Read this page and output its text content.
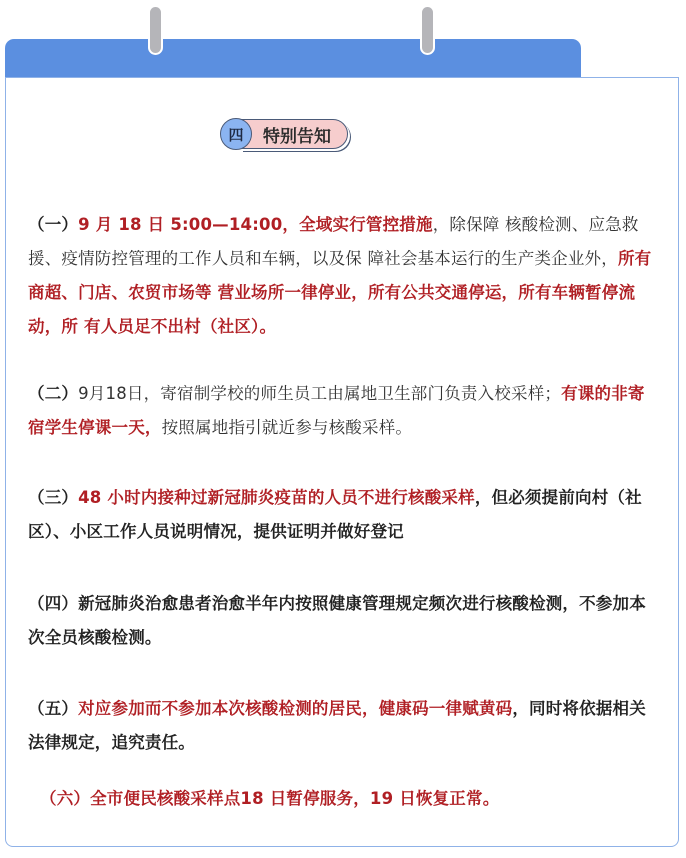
四	特别告知
（一）9 月 18 日 5:00—14:00，全域实行管控措施，除保障 核酸检测、应急救援、疫情防控管理的工作人员和车辆，以及保 障社会基本运行的生产类企业外，所有商超、门店、农贸市场等 营业场所一律停业，所有公共交通停运，所有车辆暂停流动，所 有人员足不出村（社区）。
（二）9月18日，寄宿制学校的师生员工由属地卫生部门负责入校采样；有课的非寄宿学生停课一天，按照属地指引就近参与核酸采样。
（三）48 小时内接种过新冠肺炎疫苗的人员不进行核酸采样，但必须提前向村（社区）、小区工作人员说明情况，提供证明并做好登记
（四）新冠肺炎治愈患者治愈半年内按照健康管理规定频次进行核酸检测，不参加本次全员核酸检测。
（五）对应参加而不参加本次核酸检测的居民，健康码一律赋黄码，同时将依据相关法律规定，追究责任。
（六）全市便民核酸采样点18 日暂停服务，19 日恢复正常。
